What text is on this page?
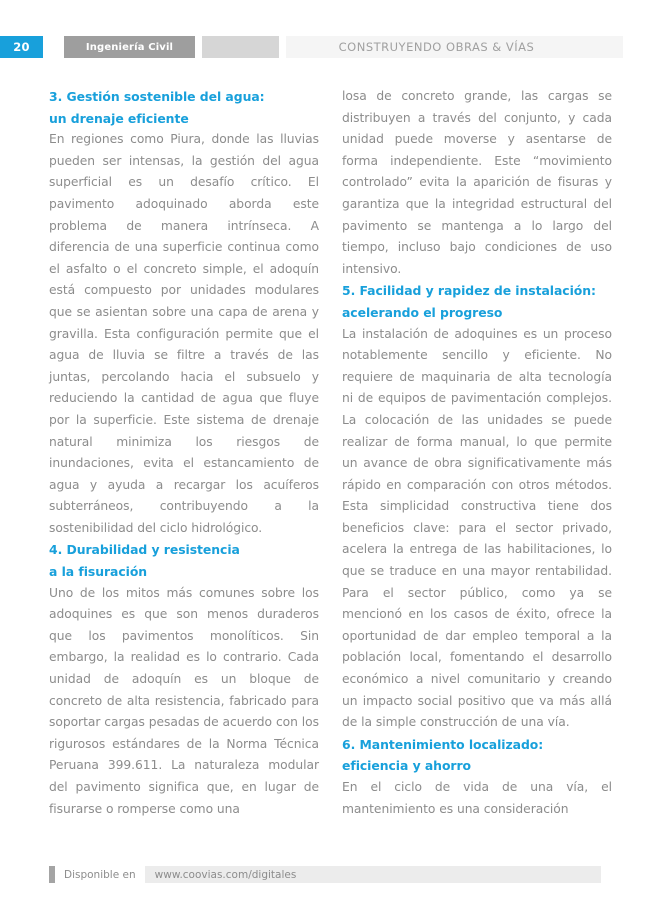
20	Ingeniería Civil	CONSTRUYENDO OBRAS & VÍAS
3. Gestión sostenible del agua:
un drenaje eficiente

En regiones como Piura, donde las lluvias pueden ser intensas, la gestión del agua superficial es un desafío crítico. El pavimento adoquinado aborda este problema de manera intrínseca. A diferencia de una superficie continua como el asfalto o el concreto simple, el adoquín está compuesto por unidades modulares que se asientan sobre una capa de arena y gravilla. Esta configuración permite que el agua de lluvia se filtre a través de las juntas, percolando hacia el subsuelo y reduciendo la cantidad de agua que fluye por la superficie. Este sistema de drenaje natural minimiza los riesgos de inundaciones, evita el estancamiento de agua y ayuda a recargar los acuíferos subterráneos, contribuyendo a la sostenibilidad del ciclo hidrológico.

4. Durabilidad y resistencia
a la fisuración

Uno de los mitos más comunes sobre los adoquines es que son menos duraderos que los pavimentos monolíticos. Sin embargo, la realidad es lo contrario. Cada unidad de adoquín es un bloque de concreto de alta resistencia, fabricado para soportar cargas pesadas de acuerdo con los rigurosos estándares de la Norma Técnica Peruana 399.611. La naturaleza modular del pavimento significa que, en lugar de fisurarse o romperse como una

losa de concreto grande, las cargas se distribuyen a través del conjunto, y cada unidad puede moverse y asentarse de forma independiente. Este “movimiento controlado” evita la aparición de fisuras y garantiza que la integridad estructural del pavimento se mantenga a lo largo del tiempo, incluso bajo condiciones de uso intensivo.

5. Facilidad y rapidez de instalación:
acelerando el progreso

La instalación de adoquines es un proceso notablemente sencillo y eficiente. No requiere de maquinaria de alta tecnología ni de equipos de pavimentación complejos. La colocación de las unidades se puede realizar de forma manual, lo que permite un avance de obra significativamente más rápido en comparación con otros métodos. Esta simplicidad constructiva tiene dos beneficios clave: para el sector privado, acelera la entrega de las habilitaciones, lo que se traduce en una mayor rentabilidad. Para el sector público, como ya se mencionó en los casos de éxito, ofrece la oportunidad de dar empleo temporal a la población local, fomentando el desarrollo económico a nivel comunitario y creando un impacto social positivo que va más allá de la simple construcción de una vía.

6. Mantenimiento localizado:
eficiencia y ahorro

En el ciclo de vida de una vía, el mantenimiento es una consideración

Disponible en	www.coovias.com/digitales
